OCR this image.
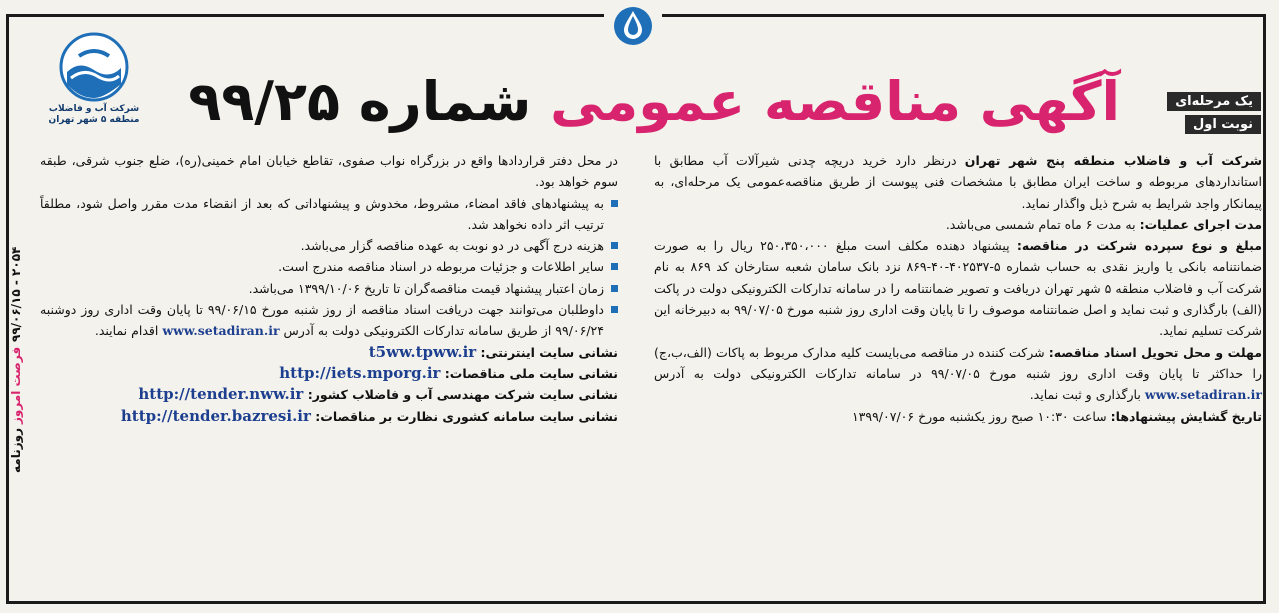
شرکت آب و فاضلاب
منطقه ۵ شهر تهران	آگهی مناقصه عمومی شماره ۹۹/۲۵	یک مرحله‌ای
نوبت اول

شرکت آب و فاضلاب منطقه پنج شهر تهران درنظر دارد خرید دریچه چدنی شیرآلات آب مطابق با استانداردهای مربوطه و ساخت ایران مطابق با مشخصات فنی پیوست از طریق مناقصه‌عمومی یک مرحله‌ای، به پیمانکار واجد شرایط به شرح ذیل واگذار نماید.

مدت اجرای عملیات: به مدت ۶ ماه تمام شمسی می‌باشد.

مبلغ و نوع سپرده شرکت در مناقصه: پیشنهاد دهنده مکلف است مبلغ ۲۵۰،۳۵۰،۰۰۰ ریال را به صورت ضمانتنامه بانکی یا واریز نقدی به حساب شماره ۵-۴۰۲۵۳۷-۴۰-۸۶۹ نزد بانک سامان شعبه ستارخان کد ۸۶۹ به نام شرکت آب و فاضلاب منطقه ۵ شهر تهران دریافت و تصویر ضمانتنامه را در سامانه تدارکات الکترونیکی دولت در پاکت (الف) بارگذاری و ثبت نماید و اصل ضمانتنامه موصوف را تا پایان وقت اداری روز شنبه مورخ ۹۹/۰۷/۰۵ به دبیرخانه این شرکت تسلیم نماید.

مهلت و محل تحویل اسناد مناقصه: شرکت کننده در مناقصه می‌بایست کلیه مدارک مربوط به پاکات (الف،ب،ج) را حداکثر تا پایان وقت اداری روز شنبه مورخ ۹۹/۰۷/۰۵ در سامانه تدارکات الکترونیکی دولت به آدرس www.setadiran.ir بارگذاری و ثبت نماید.

تاریخ گشایش پیشنهادها: ساعت ۱۰:۳۰ صبح روز یکشنبه مورخ ۱۳۹۹/۰۷/۰۶

در محل دفتر قراردادها واقع در بزرگراه نواب صفوی، تقاطع خیابان امام خمینی(ره)، ضلع جنوب شرقی، طبقه سوم خواهد بود.

به پیشنهادهای فاقد امضاء، مشروط، مخدوش و پیشنهاداتی که بعد از انقضاء مدت مقرر واصل شود، مطلقاً ترتیب اثر داده نخواهد شد.

هزینه درج آگهی در دو نوبت به عهده مناقصه گزار می‌باشد.

سایر اطلاعات و جزئیات مربوطه در اسناد مناقصه مندرج است.

زمان اعتبار پیشنهاد قیمت مناقصه‌گران تا تاریخ ۱۳۹۹/۱۰/۰۶ می‌باشد.

داوطلبان می‌توانند جهت دریافت اسناد مناقصه از روز شنبه مورخ ۹۹/۰۶/۱۵ تا پایان وقت اداری روز دوشنبه ۹۹/۰۶/۲۴ از طریق سامانه تدارکات الکترونیکی دولت به آدرس www.setadiran.ir اقدام نمایند.

نشانی سایت اینترنتی: t5ww.tpww.ir

نشانی سایت ملی مناقصات: http://iets.mporg.ir

نشانی سایت شرکت مهندسی آب و فاضلاب کشور: http://tender.nww.ir

نشانی سایت سامانه کشوری نظارت بر مناقصات: http://tender.bazresi.ir

روزنامه

فرصت امروز

۹۹/۰۶/۱۵ - ۲۰۵۴
